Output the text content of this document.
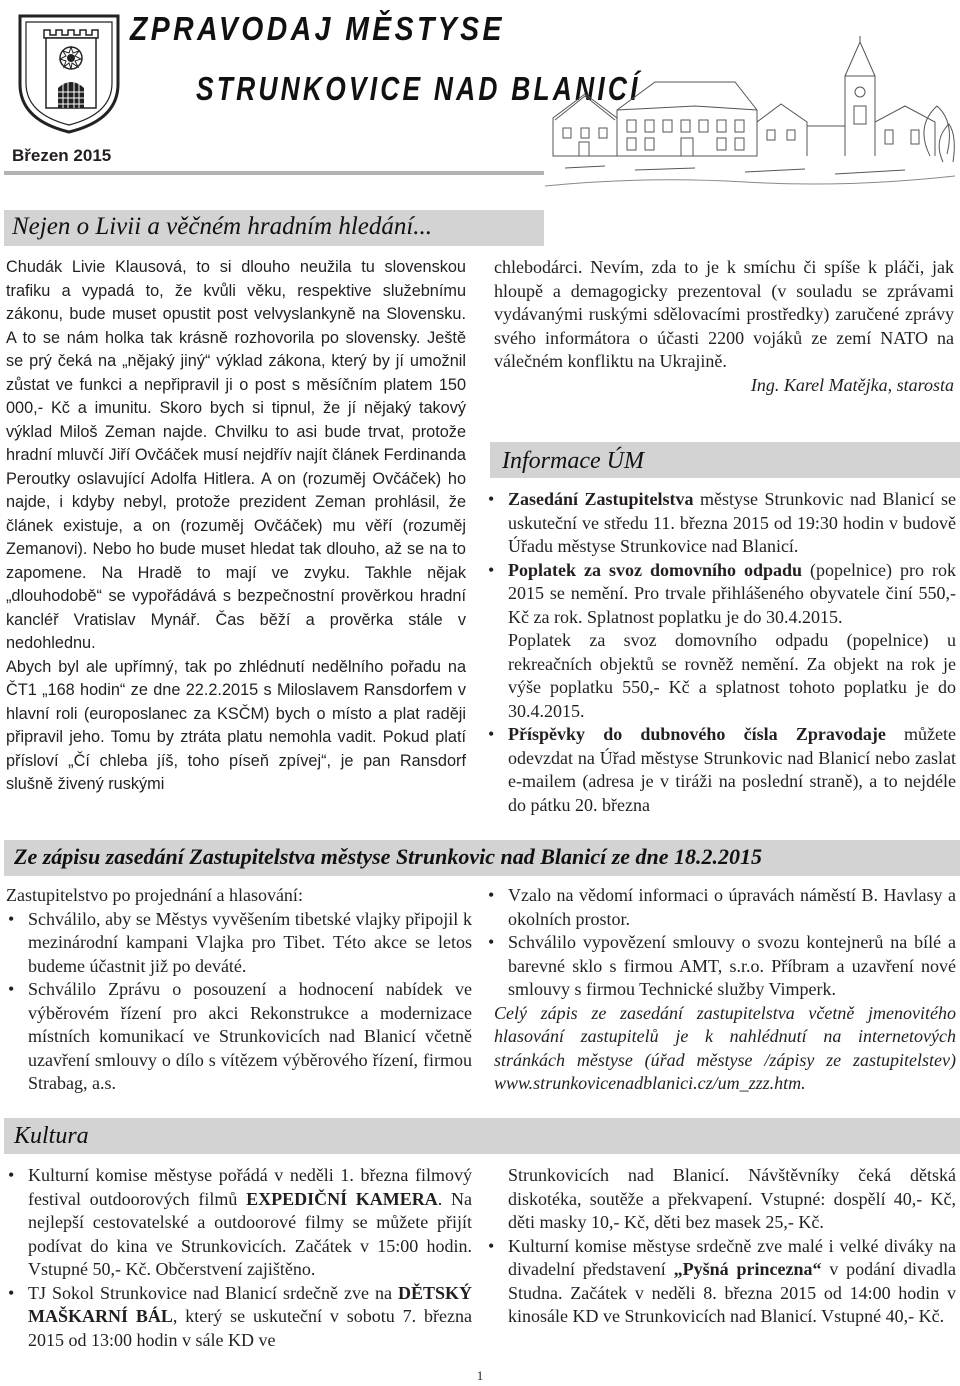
ZPRAVODAJ MĚSTYSE
STRUNKOVICE NAD BLANICÍ
Březen 2015
Nejen o Livii a věčném hradním hledání...

Chudák Livie Klausová, to si dlouho neužila tu slovenskou trafiku a vypadá to, že kvůli věku, respektive služebnímu zákonu, bude muset opustit post velvyslankyně na Slovensku. A to se nám holka tak krásně rozhovorila po slovensky. Ještě se prý čeká na „nějaký jiný“ výklad zákona, který by jí umožnil zůstat ve funkci a nepřipravil ji o post s měsíčním platem 150 000,- Kč a imunitu. Skoro bych si tipnul, že jí nějaký takový výklad Miloš Zeman najde. Chvilku to asi bude trvat, protože hradní mluvčí Jiří Ovčáček musí nejdřív najít článek Ferdinanda Peroutky oslavující Adolfa Hitlera. A on (rozuměj Ovčáček) ho najde, i kdyby nebyl, protože prezident Zeman prohlásil, že článek existuje, a on (rozuměj Ovčáček) mu věří (rozuměj Zemanovi). Nebo ho bude muset hledat tak dlouho, až se na to zapomene. Na Hradě to mají ve zvyku. Takhle nějak „dlouhodobě“ se vypořádává s bezpečnostní prověrkou hradní kancléř Vratislav Mynář. Čas běží a prověrka stále v nedohlednu.

Abych byl ale upřímný, tak po zhlédnutí nedělního pořadu na ČT1 „168 hodin“ ze dne 22.2.2015 s Miloslavem Ransdorfem v hlavní roli (europoslanec za KSČM) bych o místo a plat raději připravil jeho. Tomu by ztráta platu nemohla vadit. Pokud platí přísloví „Čí chleba jíš, toho píseň zpívej“, je pan Ransdorf slušně živený ruskými

chlebodárci. Nevím, zda to je k smíchu či spíše k pláči, jak hloupě a demagogicky prezentoval (v souladu se zprávami vydávanými ruskými sdělovacími prostředky) zaručené zprávy svého informátora o účasti 2200 vojáků ze zemí NATO na válečném konfliktu na Ukrajině.

Ing. Karel Matějka, starosta

Informace ÚM
• Zasedání Zastupitelstva městyse Strunkovic nad Blanicí se uskuteční ve středu 11. března 2015 od 19:30 hodin v budově Úřadu městyse Strunkovice nad Blanicí.
• Poplatek za svoz domovního odpadu (popelnice) pro rok 2015 se nemění. Pro trvale přihlášeného obyvatele činí 550,- Kč za rok. Splatnost poplatku je do 30.4.2015.
Poplatek za svoz domovního odpadu (popelnice) u rekreačních objektů se rovněž nemění. Za objekt na rok je výše poplatku 550,- Kč a splatnost tohoto poplatku je do 30.4.2015.
• Příspěvky do dubnového čísla Zpravodaje můžete odevzdat na Úřad městyse Strunkovic nad Blanicí nebo zaslat e-mailem (adresa je v tiráži na poslední straně), a to nejdéle do pátku 20. března
Ze zápisu zasedání Zastupitelstva městyse Strunkovic nad Blanicí ze dne 18.2.2015

Zastupitelstvo po projednání a hlasování:

• Schválilo, aby se Městys vyvěšením tibetské vlajky připojil k mezinárodní kampani Vlajka pro Tibet. Této akce se letos budeme účastnit již po deváté.
• Schválilo Zprávu o posouzení a hodnocení nabídek ve výběrovém řízení pro akci Rekonstrukce a modernizace místních komunikací ve Strunkovicích nad Blanicí včetně uzavření smlouvy o dílo s vítězem výběrového řízení, firmou Strabag, a.s.
• Vzalo na vědomí informaci o úpravách náměstí B. Havlasy a okolních prostor.
• Schválilo vypovězení smlouvy o svozu kontejnerů na bílé a barevné sklo s firmou AMT, s.r.o. Příbram a uzavření nové smlouvy s firmou Technické služby Vimperk.

Celý zápis ze zasedání zastupitelstva včetně jmenovitého hlasování zastupitelů je k nahlédnutí na internetových stránkách městyse (úřad městyse /zápisy ze zastupitelstev) www.strunkovicenadblanici.cz/um_zzz.htm.

Kultura
• Kulturní komise městyse pořádá v neděli 1. března filmový festival outdoorových filmů EXPEDIČNÍ KAMERA. Na nejlepší cestovatelské a outdoorové filmy se můžete přijít podívat do kina ve Strunkovicích. Začátek v 15:00 hodin. Vstupné 50,- Kč. Občerstvení zajištěno.
• TJ Sokol Strunkovice nad Blanicí srdečně zve na DĚTSKÝ MAŠKARNÍ BÁL, který se uskuteční v sobotu 7. března 2015 od 13:00 hodin v sále KD ve

Strunkovicích nad Blanicí. Návštěvníky čeká dětská diskotéka, soutěže a překvapení. Vstupné: dospělí 40,- Kč, děti masky 10,- Kč, děti bez masek 25,- Kč.

• Kulturní komise městyse srdečně zve malé i velké diváky na divadelní představení „Pyšná princezna“ v podání divadla Studna. Začátek v neděli 8. března 2015 od 14:00 hodin v kinosále KD ve Strunkovicích nad Blanicí. Vstupné 40,- Kč.
1
